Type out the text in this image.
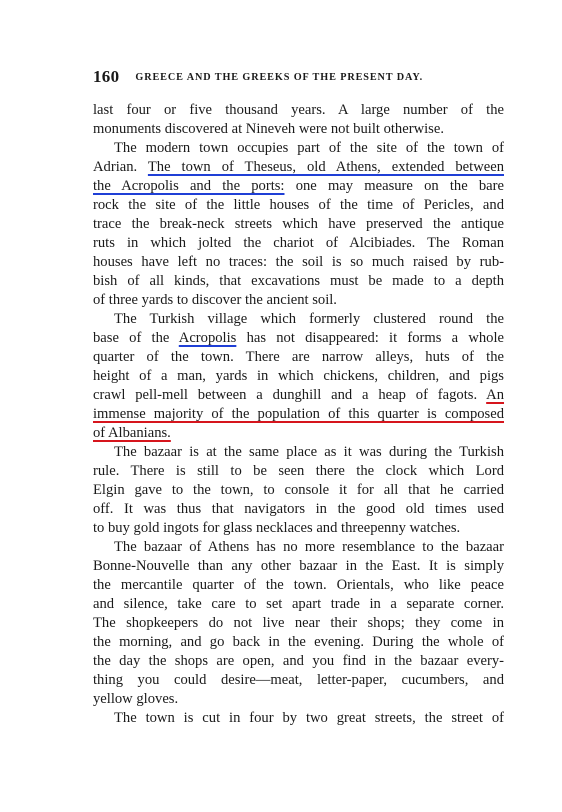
160 GREECE AND THE GREEKS OF THE PRESENT DAY.
last four or five thousand years. A large number of the
monuments discovered at Nineveh were not built otherwise.
The modern town occupies part of the site of the town of
Adrian. The town of Theseus, old Athens, extended between
the Acropolis and the ports: one may measure on the bare
rock the site of the little houses of the time of Pericles, and
trace the break-neck streets which have preserved the antique
ruts in which jolted the chariot of Alcibiades. The Roman
houses have left no traces: the soil is so much raised by rub-
bish of all kinds, that excavations must be made to a depth
of three yards to discover the ancient soil.
The Turkish village which formerly clustered round the
base of the Acropolis has not disappeared: it forms a whole
quarter of the town. There are narrow alleys, huts of the
height of a man, yards in which chickens, children, and pigs
crawl pell-mell between a dunghill and a heap of fagots. An
immense majority of the population of this quarter is composed
of Albanians.
The bazaar is at the same place as it was during the Turkish
rule. There is still to be seen there the clock which Lord
Elgin gave to the town, to console it for all that he carried
off. It was thus that navigators in the good old times used
to buy gold ingots for glass necklaces and threepenny watches.
The bazaar of Athens has no more resemblance to the bazaar
Bonne-Nouvelle than any other bazaar in the East. It is simply
the mercantile quarter of the town. Orientals, who like peace
and silence, take care to set apart trade in a separate corner.
The shopkeepers do not live near their shops; they come in
the morning, and go back in the evening. During the whole of
the day the shops are open, and you find in the bazaar every-
thing you could desire—meat, letter-paper, cucumbers, and
yellow gloves.
The town is cut in four by two great streets, the street of
